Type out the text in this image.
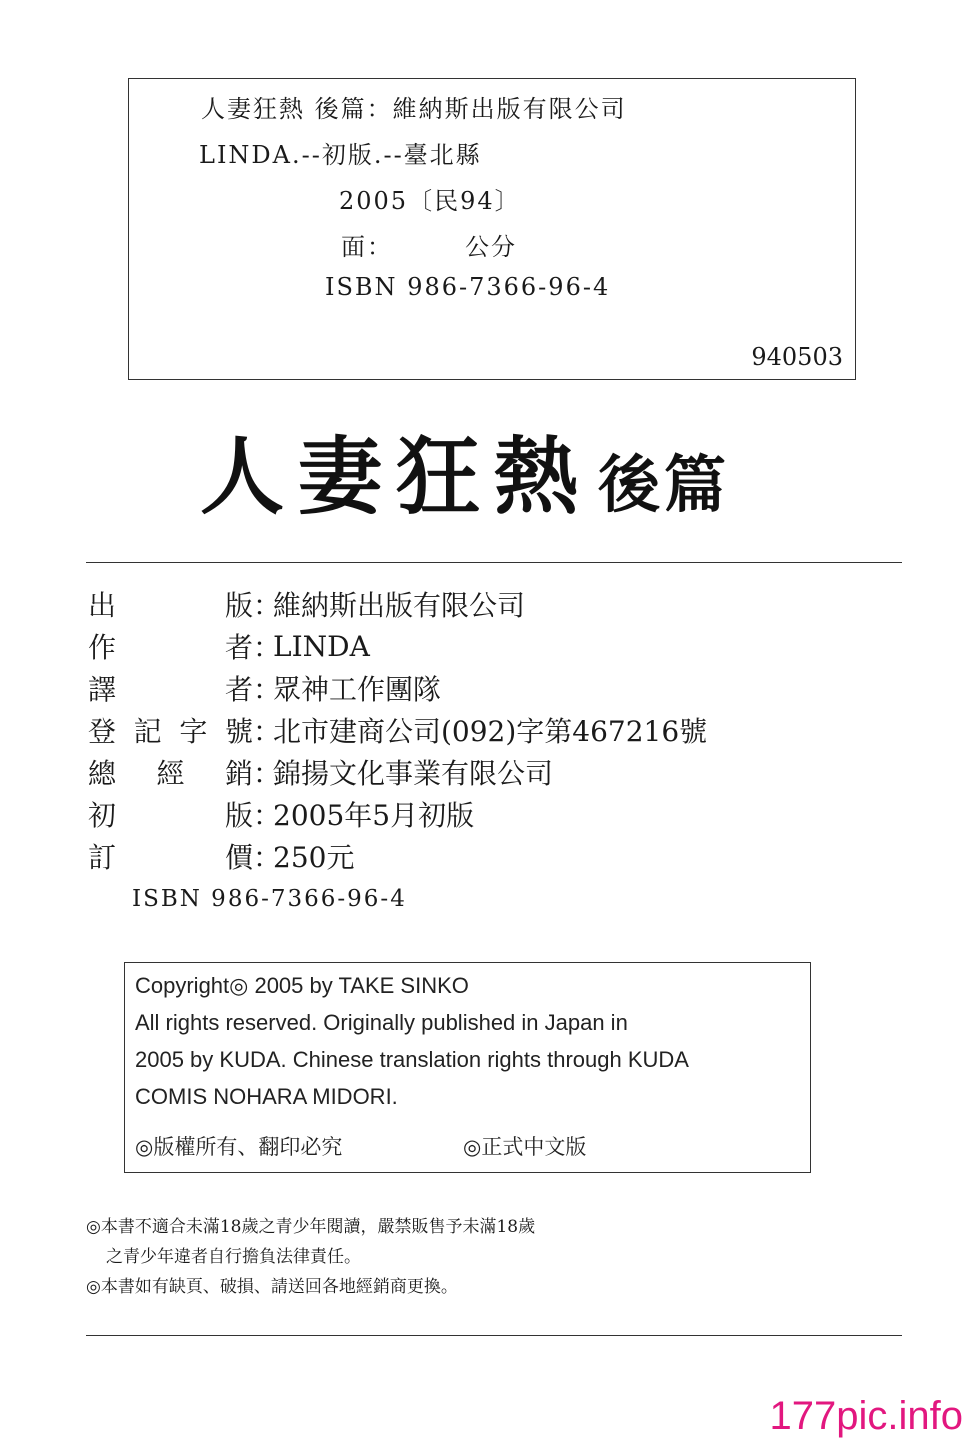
人妻狂熱 後篇：維納斯出版有限公司
LINDA.--初版.--臺北縣
2005〔民94〕
面：	公分
ISBN 986-7366-96-4
940503
人妻狂熱後篇
出	版 ：
維納斯出版有限公司
作	者 ：
LINDA
譯	者 ：
眾神工作團隊
登 記 字 號 ：
北市建商公司(092)字第467216號
總 經 銷 ：
錦揚文化事業有限公司
初	版 ：
2005年5月初版
訂	價 ：
250元
ISBN 986-7366-96-4
Copyright◎ 2005 by TAKE SINKO
All rights reserved. Originally published in Japan in
2005 by KUDA. Chinese translation rights through KUDA
COMIS NOHARA MIDORI.
◎版權所有、翻印必究	◎正式中文版
◎本書不適合未滿18歲之青少年閱讀，嚴禁販售予未滿18歲
之青少年違者自行擔負法律責任。
◎本書如有缺頁、破損、請送回各地經銷商更換。
177pic.info
